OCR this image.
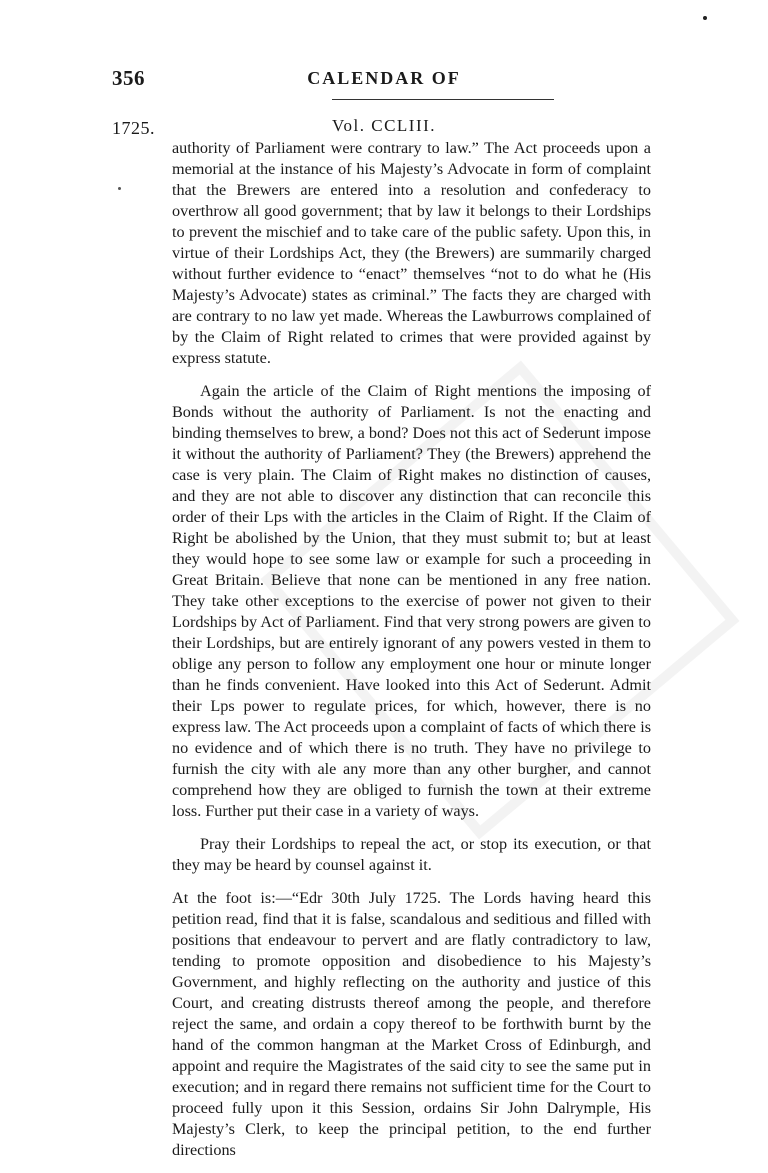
356	CALENDAR OF
1725.	Vol. CCLIII.

authority of Parliament were contrary to law.” The Act proceeds upon a memorial at the instance of his Majesty’s Advocate in form of complaint that the Brewers are entered into a resolution and confederacy to overthrow all good government; that by law it belongs to their Lordships to prevent the mischief and to take care of the public safety. Upon this, in virtue of their Lordships Act, they (the Brewers) are summarily charged without further evidence to “enact” themselves “not to do what he (His Majesty’s Advocate) states as criminal.” The facts they are charged with are contrary to no law yet made. Whereas the Lawburrows complained of by the Claim of Right related to crimes that were provided against by express statute.

Again the article of the Claim of Right mentions the imposing of Bonds without the authority of Parliament. Is not the enacting and binding themselves to brew, a bond? Does not this act of Sederunt impose it without the authority of Parliament? They (the Brewers) apprehend the case is very plain. The Claim of Right makes no distinction of causes, and they are not able to discover any distinction that can reconcile this order of their Lps with the articles in the Claim of Right. If the Claim of Right be abolished by the Union, that they must submit to; but at least they would hope to see some law or example for such a proceeding in Great Britain. Believe that none can be mentioned in any free nation. They take other exceptions to the exercise of power not given to their Lordships by Act of Parliament. Find that very strong powers are given to their Lordships, but are entirely ignorant of any powers vested in them to oblige any person to follow any employment one hour or minute longer than he finds convenient. Have looked into this Act of Sederunt. Admit their Lps power to regulate prices, for which, however, there is no express law. The Act proceeds upon a complaint of facts of which there is no evidence and of which there is no truth. They have no privilege to furnish the city with ale any more than any other burgher, and cannot comprehend how they are obliged to furnish the town at their extreme loss. Further put their case in a variety of ways.

Pray their Lordships to repeal the act, or stop its execution, or that they may be heard by counsel against it.

At the foot is:—“Edr 30th July 1725. The Lords having heard this petition read, find that it is false, scandalous and seditious and filled with positions that endeavour to pervert and are flatly contradictory to law, tending to promote opposition and disobedience to his Majesty’s Government, and highly reflecting on the authority and justice of this Court, and creating distrusts thereof among the people, and therefore reject the same, and ordain a copy thereof to be forthwith burnt by the hand of the common hangman at the Market Cross of Edinburgh, and appoint and require the Magistrates of the said city to see the same put in execution; and in regard there remains not sufficient time for the Court to proceed fully upon it this Session, ordains Sir John Dalrymple, His Majesty’s Clerk, to keep the principal petition, to the end further directions
